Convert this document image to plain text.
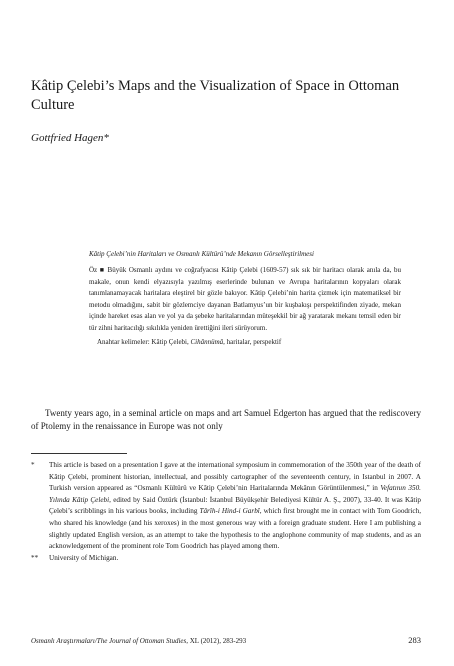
Kâtip Çelebi’s Maps and the Visualization of Space in Ottoman Culture
Gottfried Hagen*

Kâtip Çelebi’nin Haritaları ve Osmanlı Kültürü’nde Mekanın Görselleştirilmesi

Öz ■ Büyük Osmanlı aydını ve coğrafyacısı Kâtip Çelebi (1609-57) sık sık bir haritacı olarak anıla da, bu makale, onun kendi elyazısıyla yazılmış eserlerinde bulunan ve Avrupa haritalarının kopyaları olarak tanımlanamayacak haritalara eleştirel bir gözle bakıyor. Kâtip Çelebi’nin harita çizmek için matematiksel bir metodu olmadığını, sabit bir gözlemciye dayanan Batlamyus’un bir kuşbakışı perspektifinden ziyade, mekan içinde hareket esas alan ve yol ya da şebeke haritalarından müteşekkil bir ağ yaratarak mekanı temsil eden bir tür zihni haritacılığı sıkılıkla yeniden ürettiğini ileri sürüyorum.

Anahtar kelimeler: Kâtip Çelebi, Cihânnümâ, haritalar, perspektif

Twenty years ago, in a seminal article on maps and art Samuel Edgerton has argued that the rediscovery of Ptolemy in the renaissance in Europe was not only

* This article is based on a presentation I gave at the international symposium in commemoration of the 350th year of the death of Kâtip Çelebi, prominent historian, intellectual, and possibly cartographer of the seventeenth century, in Istanbul in 2007. A Turkish version appeared as “Osmanlı Kültürü ve Kâtip Çelebi’nin Haritalarında Mekânın Görüntülenmesi,” in Vefatının 350. Yılında Kâtip Çelebi, edited by Said Öztürk (İstanbul: İstanbul Büyükşehir Belediyesi Kültür A. Ş., 2007), 33-40. It was Kâtip Çelebi’s scribblings in his various books, including Târîh-i Hind-i Garbî, which first brought me in contact with Tom Goodrich, who shared his knowledge (and his xeroxes) in the most generous way with a foreign graduate student. Here I am publishing a slightly updated English version, as an attempt to take the hypothesis to the anglophone community of map students, and as an acknowledgement of the prominent role Tom Goodrich has played among them.

** University of Michigan.

Osmanlı Araştırmaları/The Journal of Ottoman Studies, XL (2012), 283-293	283
